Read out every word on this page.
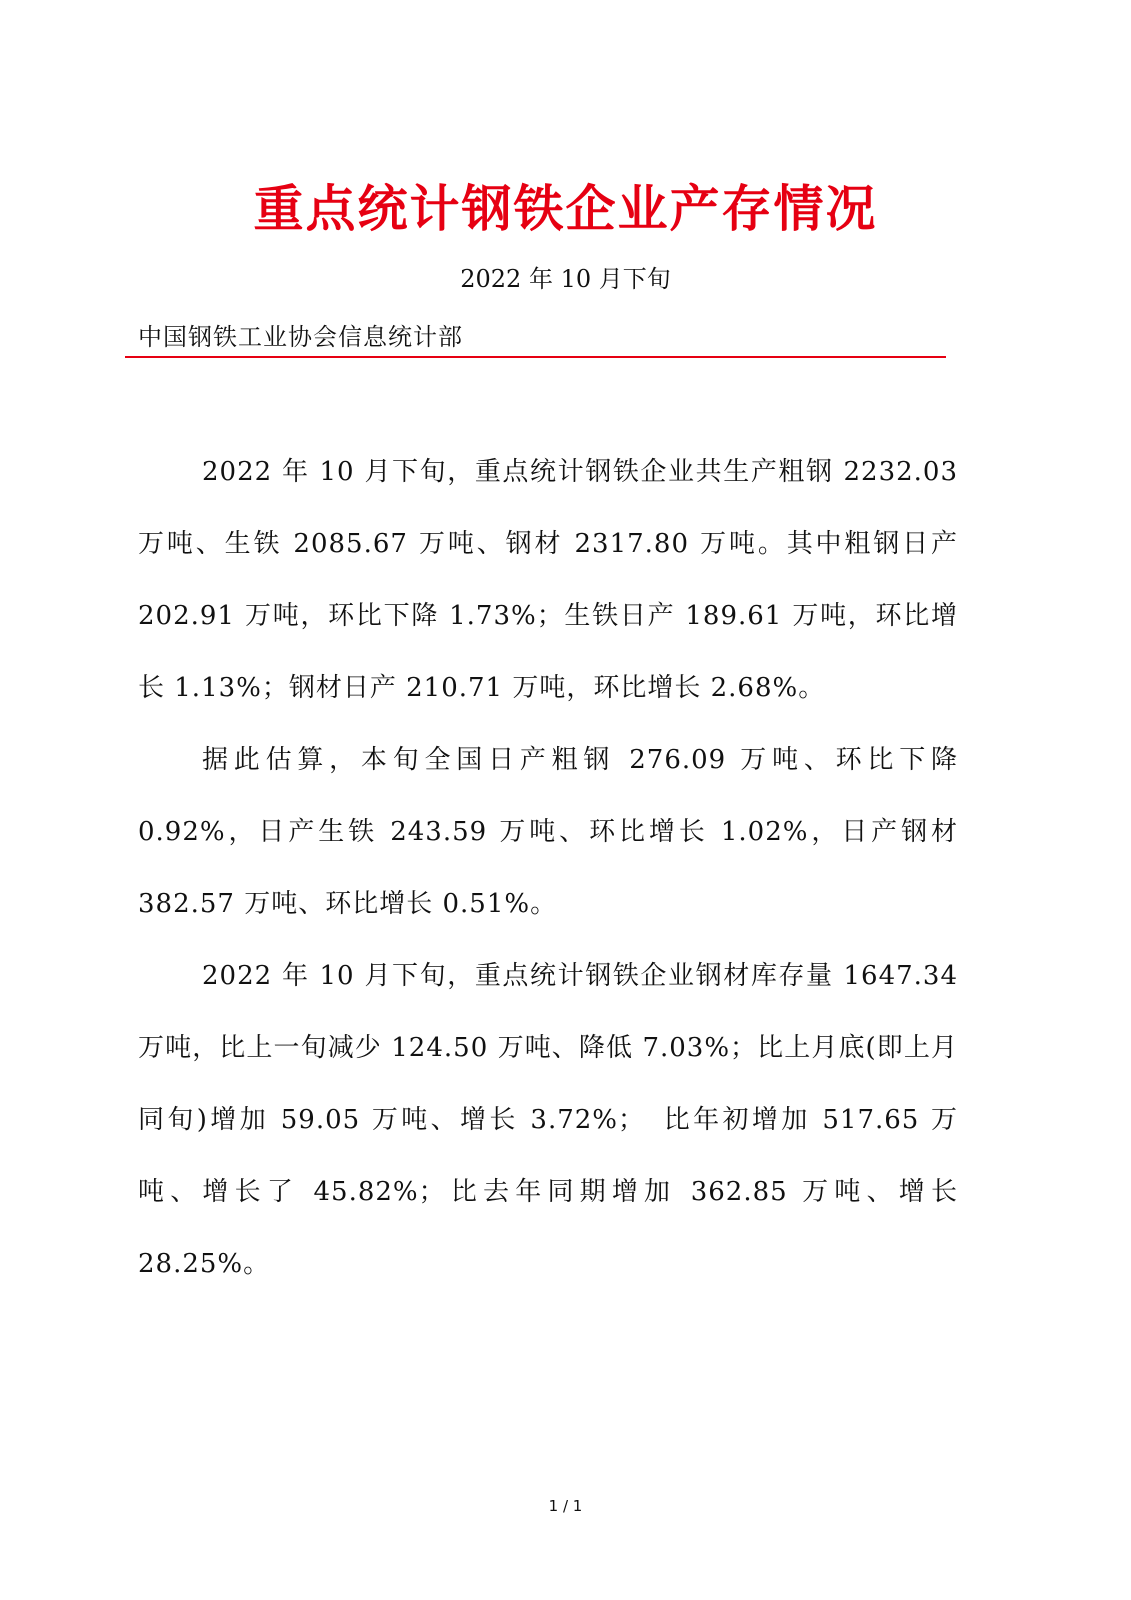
重点统计钢铁企业产存情况
2022 年 10 月下旬
中国钢铁工业协会信息统计部

2022 年 10 月下旬，重点统计钢铁企业共生产粗钢 2232.03 万吨、生铁 2085.67 万吨、钢材 2317.80 万吨。其中粗钢日产 202.91 万吨，环比下降 1.73%；生铁日产 189.61 万吨，环比增长 1.13%；钢材日产 210.71 万吨，环比增长 2.68%。

据此估算，本旬全国日产粗钢 276.09 万吨、环比下降 0.92%，日产生铁 243.59 万吨、环比增长 1.02%，日产钢材 382.57 万吨、环比增长 0.51%。

2022 年 10 月下旬，重点统计钢铁企业钢材库存量 1647.34 万吨，比上一旬减少 124.50 万吨、降低 7.03%；比上月底(即上月同旬)增加 59.05 万吨、增长 3.72%；　比年初增加 517.65 万吨、增长了 45.82%；比去年同期增加 362.85 万吨、增长 28.25%。

1 / 1
